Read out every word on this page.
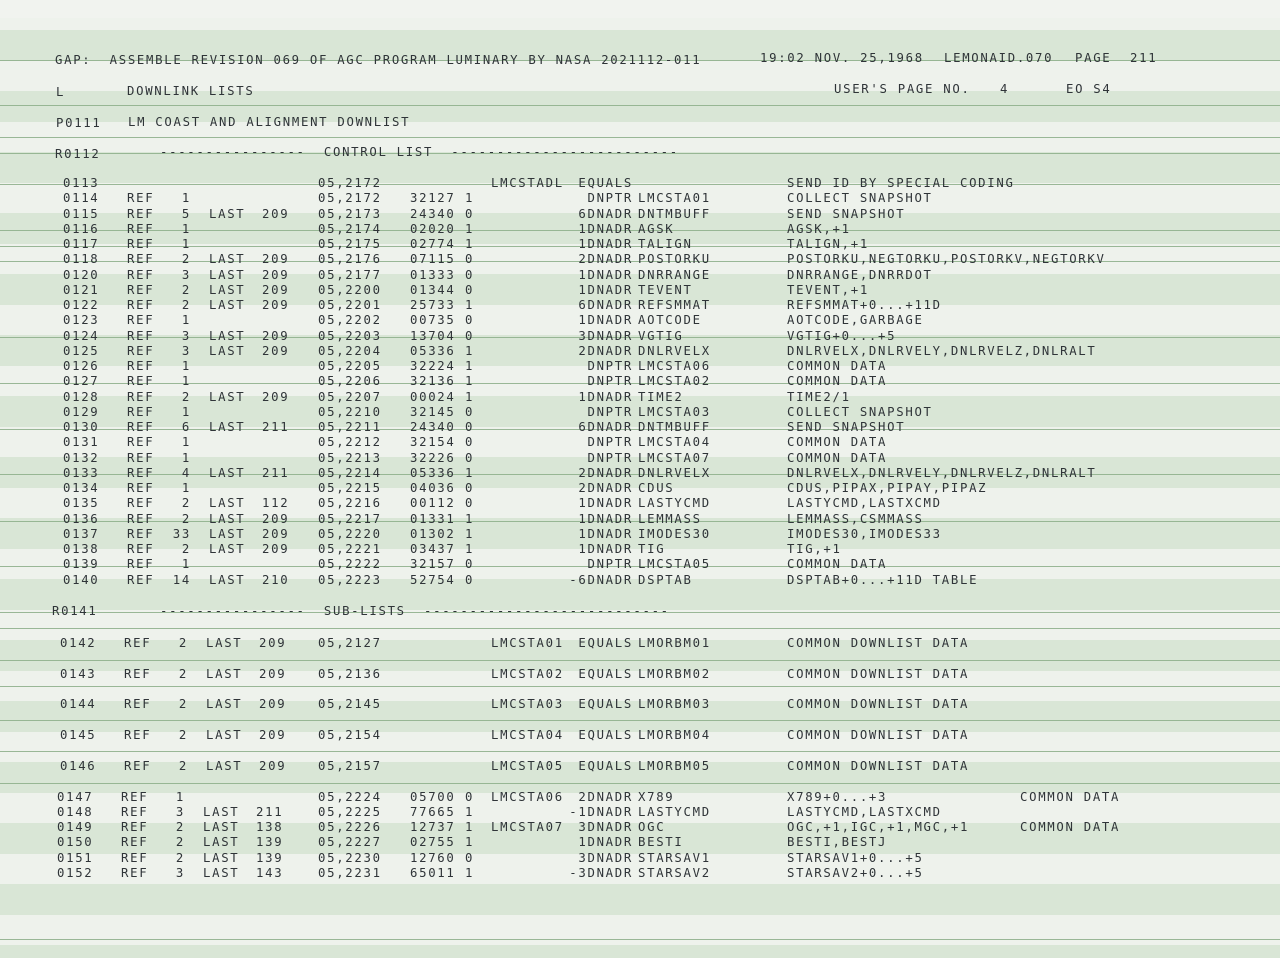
GAP:  ASSEMBLE REVISION 069 OF AGC PROGRAM LUMINARY BY NASA 2021112-011	19:02 NOV. 25,1968 LEMONAID.070 PAGE 211
L	DOWNLINK LISTS	USER'S PAGE NO. 4	EO S4
P0111 LM COAST AND ALIGNMENT DOWNLIST
R0112	----------------  CONTROL LIST  -------------------------
0113	05,2172	LMCSTADL	EQUALS	SEND ID BY SPECIAL CODING
0114 REF	1	05,2172 32127 1	DNPTR LMCSTA01	COLLECT SNAPSHOT
0115 REF	5 LAST 209 05,2173 24340 0	6DNADR DNTMBUFF	SEND SNAPSHOT
0116 REF	1	05,2174 02020 1	1DNADR AGSK	AGSK,+1
0117 REF	1	05,2175 02774 1	1DNADR TALIGN	TALIGN,+1
0118 REF	2 LAST 209 05,2176 07115 0	2DNADR POSTORKU	POSTORKU,NEGTORKU,POSTORKV,NEGTORKV
0120 REF	3 LAST 209 05,2177 01333 0	1DNADR DNRRANGE	DNRRANGE,DNRRDOT
0121 REF	2 LAST 209 05,2200 01344 0	1DNADR TEVENT	TEVENT,+1
0122 REF	2 LAST 209 05,2201 25733 1	6DNADR REFSMMAT	REFSMMAT+0...+11D
0123 REF	1	05,2202 00735 0	1DNADR AOTCODE	AOTCODE,GARBAGE
0124 REF	3 LAST 209 05,2203 13704 0	3DNADR VGTIG	VGTIG+0...+5
0125 REF	3 LAST 209 05,2204 05336 1	2DNADR DNLRVELX	DNLRVELX,DNLRVELY,DNLRVELZ,DNLRALT
0126 REF	1	05,2205 32224 1	DNPTR LMCSTA06	COMMON DATA
0127 REF	1	05,2206 32136 1	DNPTR LMCSTA02	COMMON DATA
0128 REF	2 LAST 209 05,2207 00024 1	1DNADR TIME2	TIME2/1
0129 REF	1	05,2210 32145 0	DNPTR LMCSTA03	COLLECT SNAPSHOT
0130 REF	6 LAST 211 05,2211 24340 0	6DNADR DNTMBUFF	SEND SNAPSHOT
0131 REF	1	05,2212 32154 0	DNPTR LMCSTA04	COMMON DATA
0132 REF	1	05,2213 32226 0	DNPTR LMCSTA07	COMMON DATA
0133 REF	4 LAST 211 05,2214 05336 1	2DNADR DNLRVELX	DNLRVELX,DNLRVELY,DNLRVELZ,DNLRALT
0134 REF	1	05,2215 04036 0	2DNADR CDUS	CDUS,PIPAX,PIPAY,PIPAZ
0135 REF	2 LAST 112 05,2216 00112 0	1DNADR LASTYCMD	LASTYCMD,LASTXCMD
0136 REF	2 LAST 209 05,2217 01331 1	1DNADR LEMMASS	LEMMASS,CSMMASS
0137 REF	33 LAST 209 05,2220 01302 1	1DNADR IMODES30	IMODES30,IMODES33
0138 REF	2 LAST 209 05,2221 03437 1	1DNADR TIG	TIG,+1
0139 REF	1	05,2222 32157 0	DNPTR LMCSTA05	COMMON DATA
0140 REF	14 LAST 210 05,2223 52754 0	-6DNADR DSPTAB	DSPTAB+0...+11D TABLE
R0141	----------------  SUB-LISTS  ---------------------------
0142 REF	2 LAST 209	05,2127	LMCSTA01	EQUALS LMORBM01	COMMON DOWNLIST DATA
0143 REF	2 LAST 209	05,2136	LMCSTA02	EQUALS LMORBM02	COMMON DOWNLIST DATA
0144 REF	2 LAST 209	05,2145	LMCSTA03	EQUALS LMORBM03	COMMON DOWNLIST DATA
0145 REF	2 LAST 209	05,2154	LMCSTA04	EQUALS LMORBM04	COMMON DOWNLIST DATA
0146 REF	2 LAST 209	05,2157	LMCSTA05	EQUALS LMORBM05	COMMON DOWNLIST DATA
0147 REF	1	05,2224 05700 0 LMCSTA06	2DNADR X789	X789+0...+3	COMMON DATA
0148 REF	3 LAST 211	05,2225 77665 1	-1DNADR LASTYCMD	LASTYCMD,LASTXCMD
0149 REF	2 LAST 138	05,2226 12737 1 LMCSTA07	3DNADR OGC	OGC,+1,IGC,+1,MGC,+1	COMMON DATA
0150 REF	2 LAST 139	05,2227 02755 1	1DNADR BESTI	BESTI,BESTJ
0151 REF	2 LAST 139	05,2230 12760 0	3DNADR STARSAV1	STARSAV1+0...+5
0152 REF	3 LAST 143	05,2231 65011 1	-3DNADR STARSAV2	STARSAV2+0...+5
